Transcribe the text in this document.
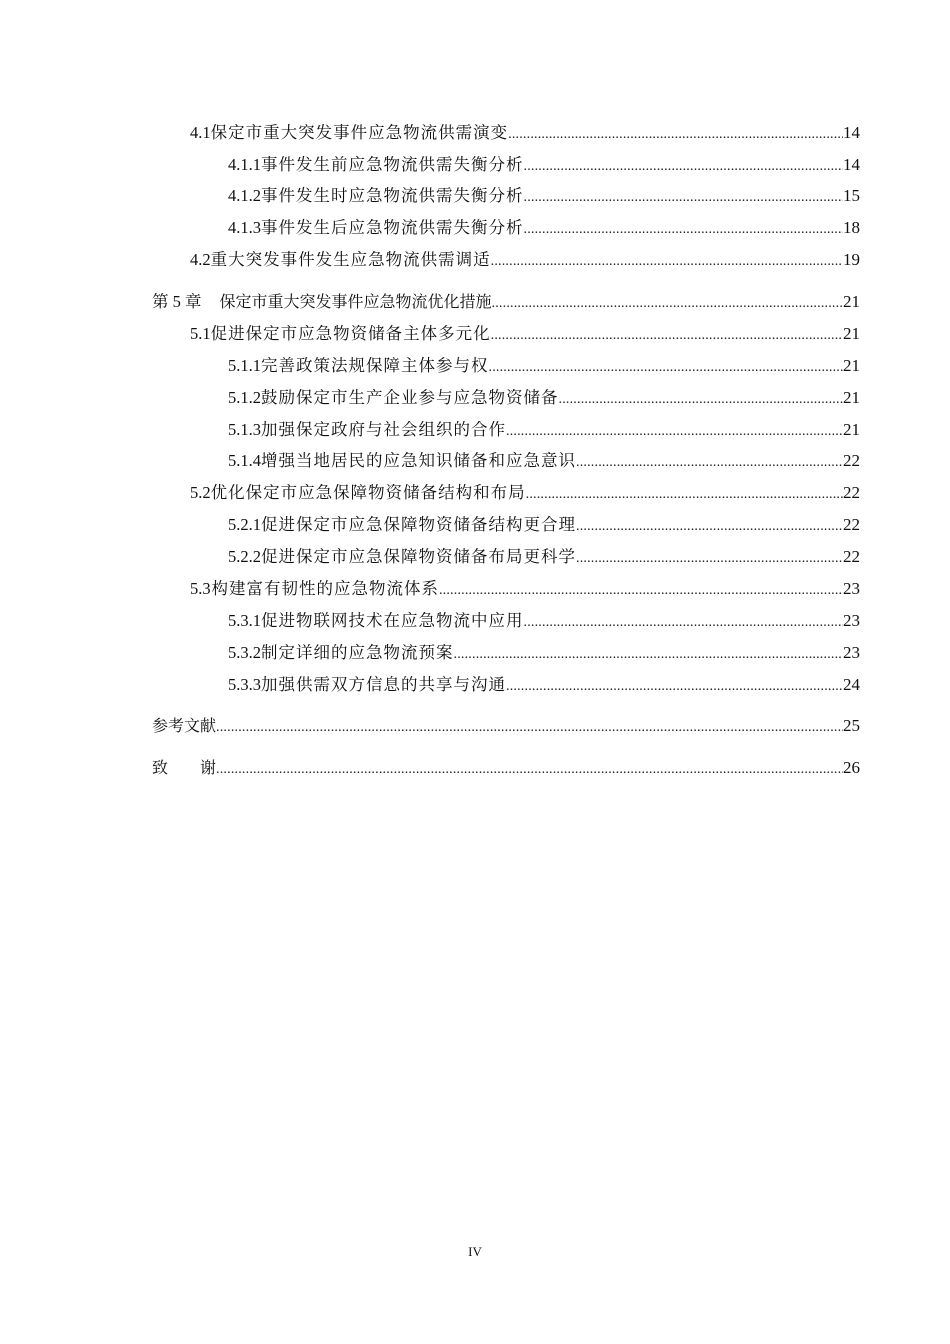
4.1 保定市重大突发事件应急物流供需演变 .....	14
4.1.1 事件发生前应急物流供需失衡分析 .....	14
4.1.2 事件发生时应急物流供需失衡分析 .....	15
4.1.3 事件发生后应急物流供需失衡分析 .....	18
4.2 重大突发事件发生应急物流供需调适 .....	19
第 5 章 保定市重大突发事件应急物流优化措施 .....	21
5.1 促进保定市应急物资储备主体多元化 .....	21
5.1.1 完善政策法规保障主体参与权 .....	21
5.1.2 鼓励保定市生产企业参与应急物资储备 .....	21
5.1.3 加强保定政府与社会组织的合作 .....	21
5.1.4 增强当地居民的应急知识储备和应急意识 .....	22
5.2 优化保定市应急保障物资储备结构和布局 .....	22
5.2.1 促进保定市应急保障物资储备结构更合理 .....	22
5.2.2 促进保定市应急保障物资储备布局更科学 .....	22
5.3 构建富有韧性的应急物流体系 .....	23
5.3.1 促进物联网技术在应急物流中应用 .....	23
5.3.2 制定详细的应急物流预案 .....	23
5.3.3 加强供需双方信息的共享与沟通 .....	24
参考文献 .....	25
致　　谢 .....	26
IV
